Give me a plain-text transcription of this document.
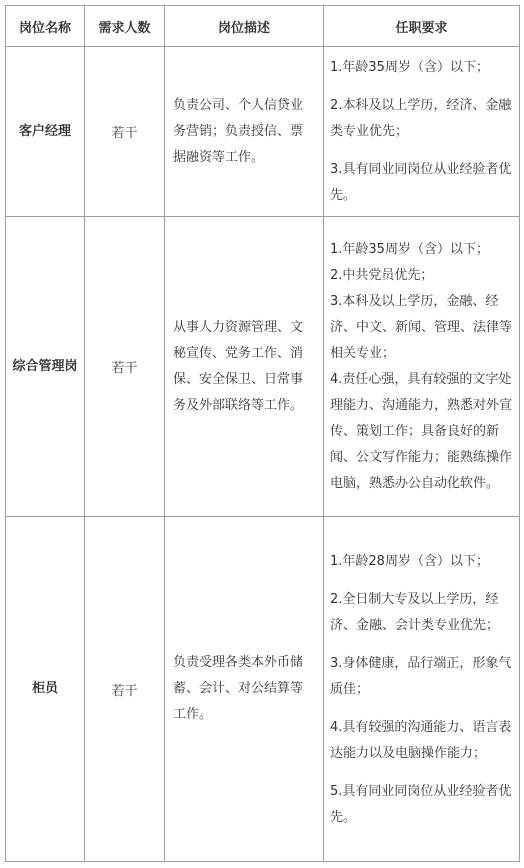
岗位名称	需求人数	岗位描述	任职要求
客户经理	若干	负责公司、个人信贷业务营销；负责授信、票据融资等工作。	1.年龄35周岁（含）以下；

2.本科及以上学历，经济、金融类专业优先；

3.具有同业同岗位从业经验者优先。

综合管理岗	若干	从事人力资源管理、文秘宣传、党务工作、消保、安全保卫、日常事务及外部联络等工作。	1.年龄35周岁（含）以下；

2.中共党员优先；

3.本科及以上学历，金融、经济、中文、新闻、管理、法律等相关专业；

4.责任心强，具有较强的文字处理能力、沟通能力，熟悉对外宣传、策划工作；具备良好的新闻、公文写作能力；能熟练操作电脑，熟悉办公自动化软件。

柜员	若干	负责受理各类本外币储蓄、会计、对公结算等工作。	1.年龄28周岁（含）以下；

2.全日制大专及以上学历，经济、金融、会计类专业优先；

3.身体健康，品行端正，形象气质佳；

4.具有较强的沟通能力、语言表达能力以及电脑操作能力；

5.具有同业同岗位从业经验者优先。
